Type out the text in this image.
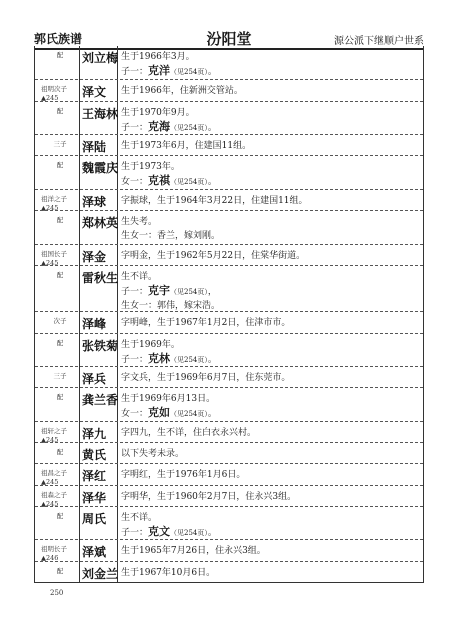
郭氏族谱	汾阳堂	源公派下继顺户世系
配	刘立梅 生于1966年3月。
子一：克洋（见254页）。
祖明次子
▲245	泽文	生于1966年，住新洲交管站。
配	王海林 生于1970年9月。
子一：克海（见254页）。
三子	泽陆	生于1973年6月，住建国11组。
配	魏霞庆 生于1973年。
女一：克祺（见254页）。
祖洋之子
▲245	泽球	字振球，生于1964年3月22日，住建国11组。
配	郑林英 生失考。
生女一：香兰，嫁刘刚。
祖国长子
▲245	泽金	字明金，生于1962年5月22日，住棠华街道。
配	雷秋生 生不详。
子一：克宇（见254页），
生女一：郭伟，嫁宋浩。
次子	泽峰	字明峰，生于1967年1月2日，住津市市。
配	张铁菊 生于1969年。
子一：克林（见254页）。
三子	泽兵	字文兵，生于1969年6月7日，住东莞市。
配	龚兰香 生于1969年6月13日。
女一：克如（见254页）。
祖轩之子
▲245	泽九	字四九，生不详，住白衣永兴村。
配	黄氏	以下失考未录。
祖昌之子
▲245	泽红	字明红，生于1976年1月6日。
祖森之子
▲245	泽华	字明华，生于1960年2月7日，住永兴3组。
配	周氏	生不详。
子一：克文（见254页）。
祖明长子
▲246	泽斌	生于1965年7月26日，住永兴3组。
配	刘金兰 生于1967年10月6日。
250
